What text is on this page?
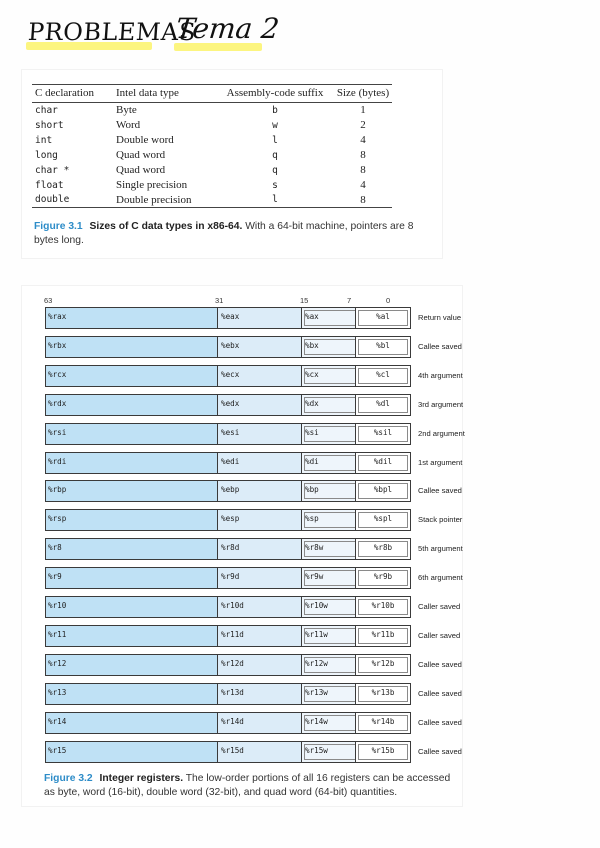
PROBLEMAS
Tema 2
C declaration	Intel data type	Assembly-code suffix	Size (bytes)
char	Byte	b	1
short	Word	w	2
int	Double word	l	4
long	Quad word	q	8
char *	Quad word	q	8
float	Single precision	s	4
double	Double precision	l	8
Figure 3.1 Sizes of C data types in x86-64. With a 64-bit machine, pointers are 8 bytes long.
63	31	15	7	0
%rax	%eax	%ax	%al	Return value
%rbx	%ebx	%bx	%bl	Callee saved
%rcx	%ecx	%cx	%cl	4th argument
%rdx	%edx	%dx	%dl	3rd argument
%rsi	%esi	%si	%sil	2nd argument
%rdi	%edi	%di	%dil	1st argument
%rbp	%ebp	%bp	%bpl	Callee saved
%rsp	%esp	%sp	%spl	Stack pointer
%r8	%r8d	%r8w	%r8b	5th argument
%r9	%r9d	%r9w	%r9b	6th argument
%r10	%r10d	%r10w	%r10b	Caller saved
%r11	%r11d	%r11w	%r11b	Caller saved
%r12	%r12d	%r12w	%r12b	Callee saved
%r13	%r13d	%r13w	%r13b	Callee saved
%r14	%r14d	%r14w	%r14b	Callee saved
%r15	%r15d	%r15w	%r15b	Callee saved
Figure 3.2 Integer registers. The low-order portions of all 16 registers can be accessed as byte, word (16-bit), double word (32-bit), and quad word (64-bit) quantities.
